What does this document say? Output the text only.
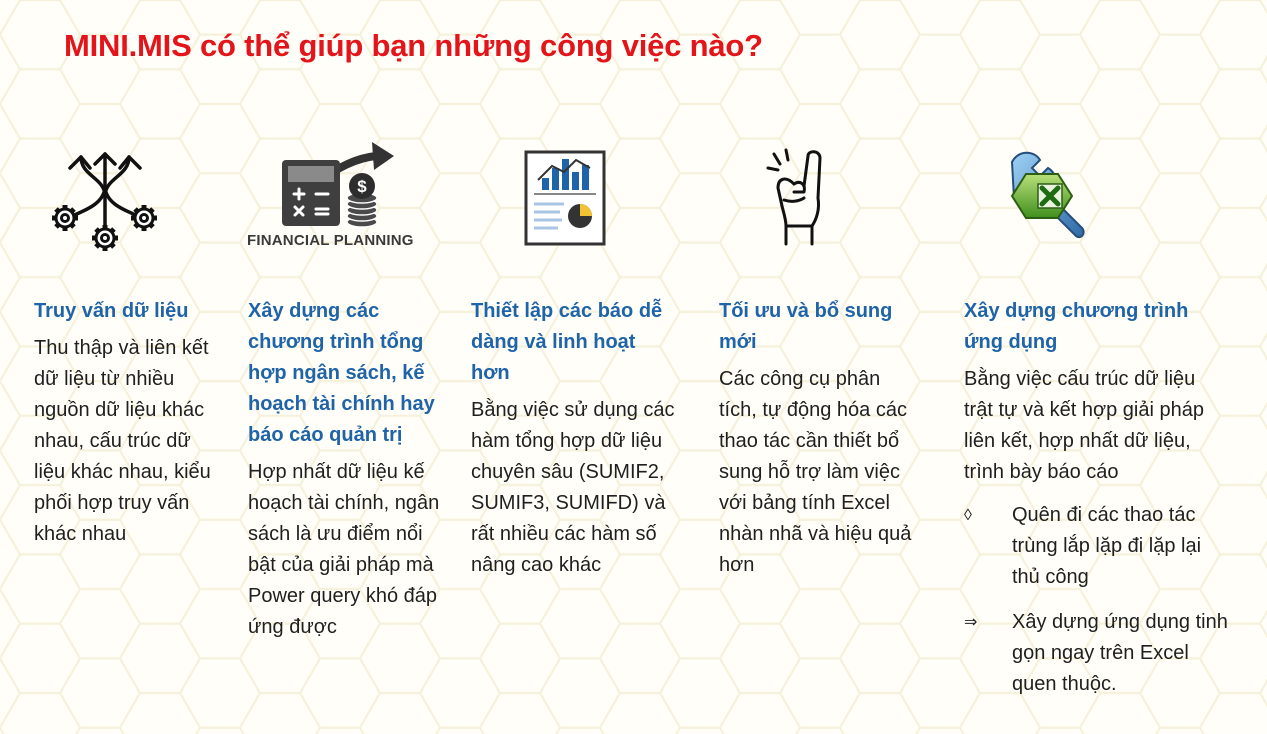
MINI.MIS có thể giúp bạn những công việc nào?
$
FINANCIAL PLANNING
Truy vấn dữ liệu

Thu thập và liên kết dữ liệu từ nhiều nguồn dữ liệu khác nhau, cấu trúc dữ liệu khác nhau, kiểu phối hợp truy vấn khác nhau

Xây dựng các chương trình tổng hợp ngân sách, kế hoạch tài chính hay báo cáo quản trị

Hợp nhất dữ liệu kế hoạch tài chính, ngân sách là ưu điểm nổi bật của giải pháp mà Power query khó đáp ứng được

Thiết lập các báo dễ dàng và linh hoạt hơn

Bằng việc sử dụng các hàm tổng hợp dữ liệu chuyên sâu (SUMIF2, SUMIF3, SUMIFD) và rất nhiều các hàm số nâng cao khác

Tối ưu và bổ sung mới

Các công cụ phân tích, tự động hóa các thao tác cần thiết bổ sung hỗ trợ làm việc với bảng tính Excel nhàn nhã và hiệu quả hơn

Xây dựng chương trình ứng dụng

Bằng việc cấu trúc dữ liệu trật tự và kết hợp giải pháp liên kết, hợp nhất dữ liệu, trình bày báo cáo

◊	Quên đi các thao tác trùng lắp lặp đi lặp lại thủ công
⇒	Xây dựng ứng dụng tinh gọn ngay trên Excel quen thuộc.
